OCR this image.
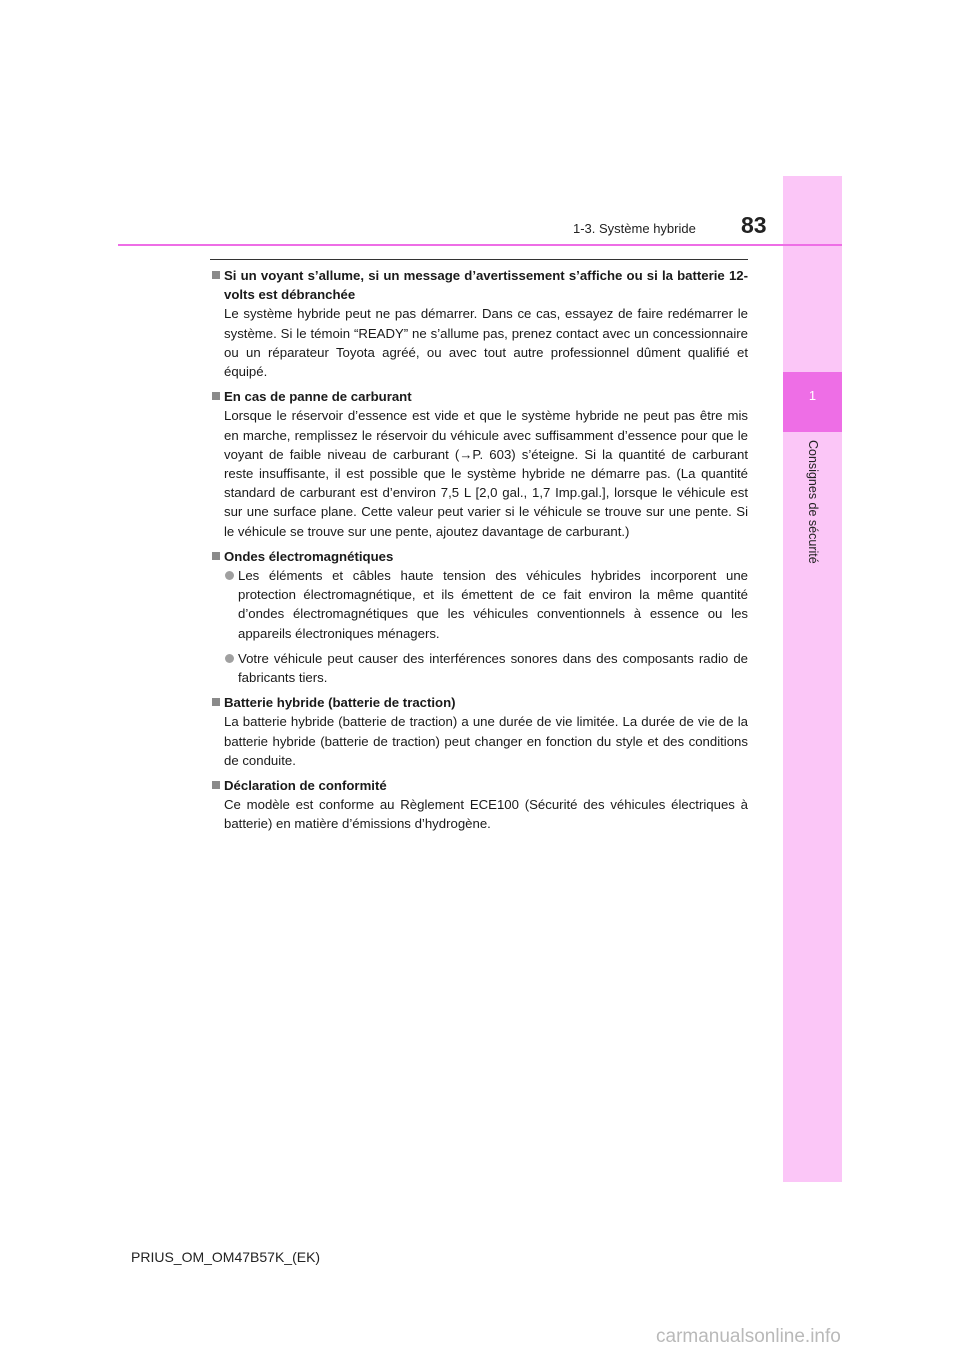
1
Consignes de sécurité
1-3. Système hybride 83
Si un voyant s’allume, si un message d’avertissement s’affiche ou si la batterie 12-volts est débranchée
Le système hybride peut ne pas démarrer. Dans ce cas, essayez de faire redémarrer le système. Si le témoin “READY” ne s’allume pas, prenez contact avec un concessionnaire ou un réparateur Toyota agréé, ou avec tout autre professionnel dûment qualifié et équipé.
En cas de panne de carburant
Lorsque le réservoir d’essence est vide et que le système hybride ne peut pas être mis en marche, remplissez le réservoir du véhicule avec suffisamment d’essence pour que le voyant de faible niveau de carburant (→P. 603) s’éteigne. Si la quantité de carburant reste insuffisante, il est possible que le système hybride ne démarre pas. (La quantité standard de carburant est d’environ 7,5 L [2,0 gal., 1,7 Imp.gal.], lorsque le véhicule est sur une surface plane. Cette valeur peut varier si le véhicule se trouve sur une pente. Si le véhicule se trouve sur une pente, ajoutez davantage de carburant.)
Ondes électromagnétiques
Les éléments et câbles haute tension des véhicules hybrides incorporent une protection électromagnétique, et ils émettent de ce fait environ la même quantité d’ondes électromagnétiques que les véhicules conventionnels à essence ou les appareils électroniques ménagers.
Votre véhicule peut causer des interférences sonores dans des composants radio de fabricants tiers.
Batterie hybride (batterie de traction)
La batterie hybride (batterie de traction) a une durée de vie limitée. La durée de vie de la batterie hybride (batterie de traction) peut changer en fonction du style et des conditions de conduite.
Déclaration de conformité
Ce modèle est conforme au Règlement ECE100 (Sécurité des véhicules électriques à batterie) en matière d’émissions d’hydrogène.
PRIUS_OM_OM47B57K_(EK)
carmanualsonline.info
